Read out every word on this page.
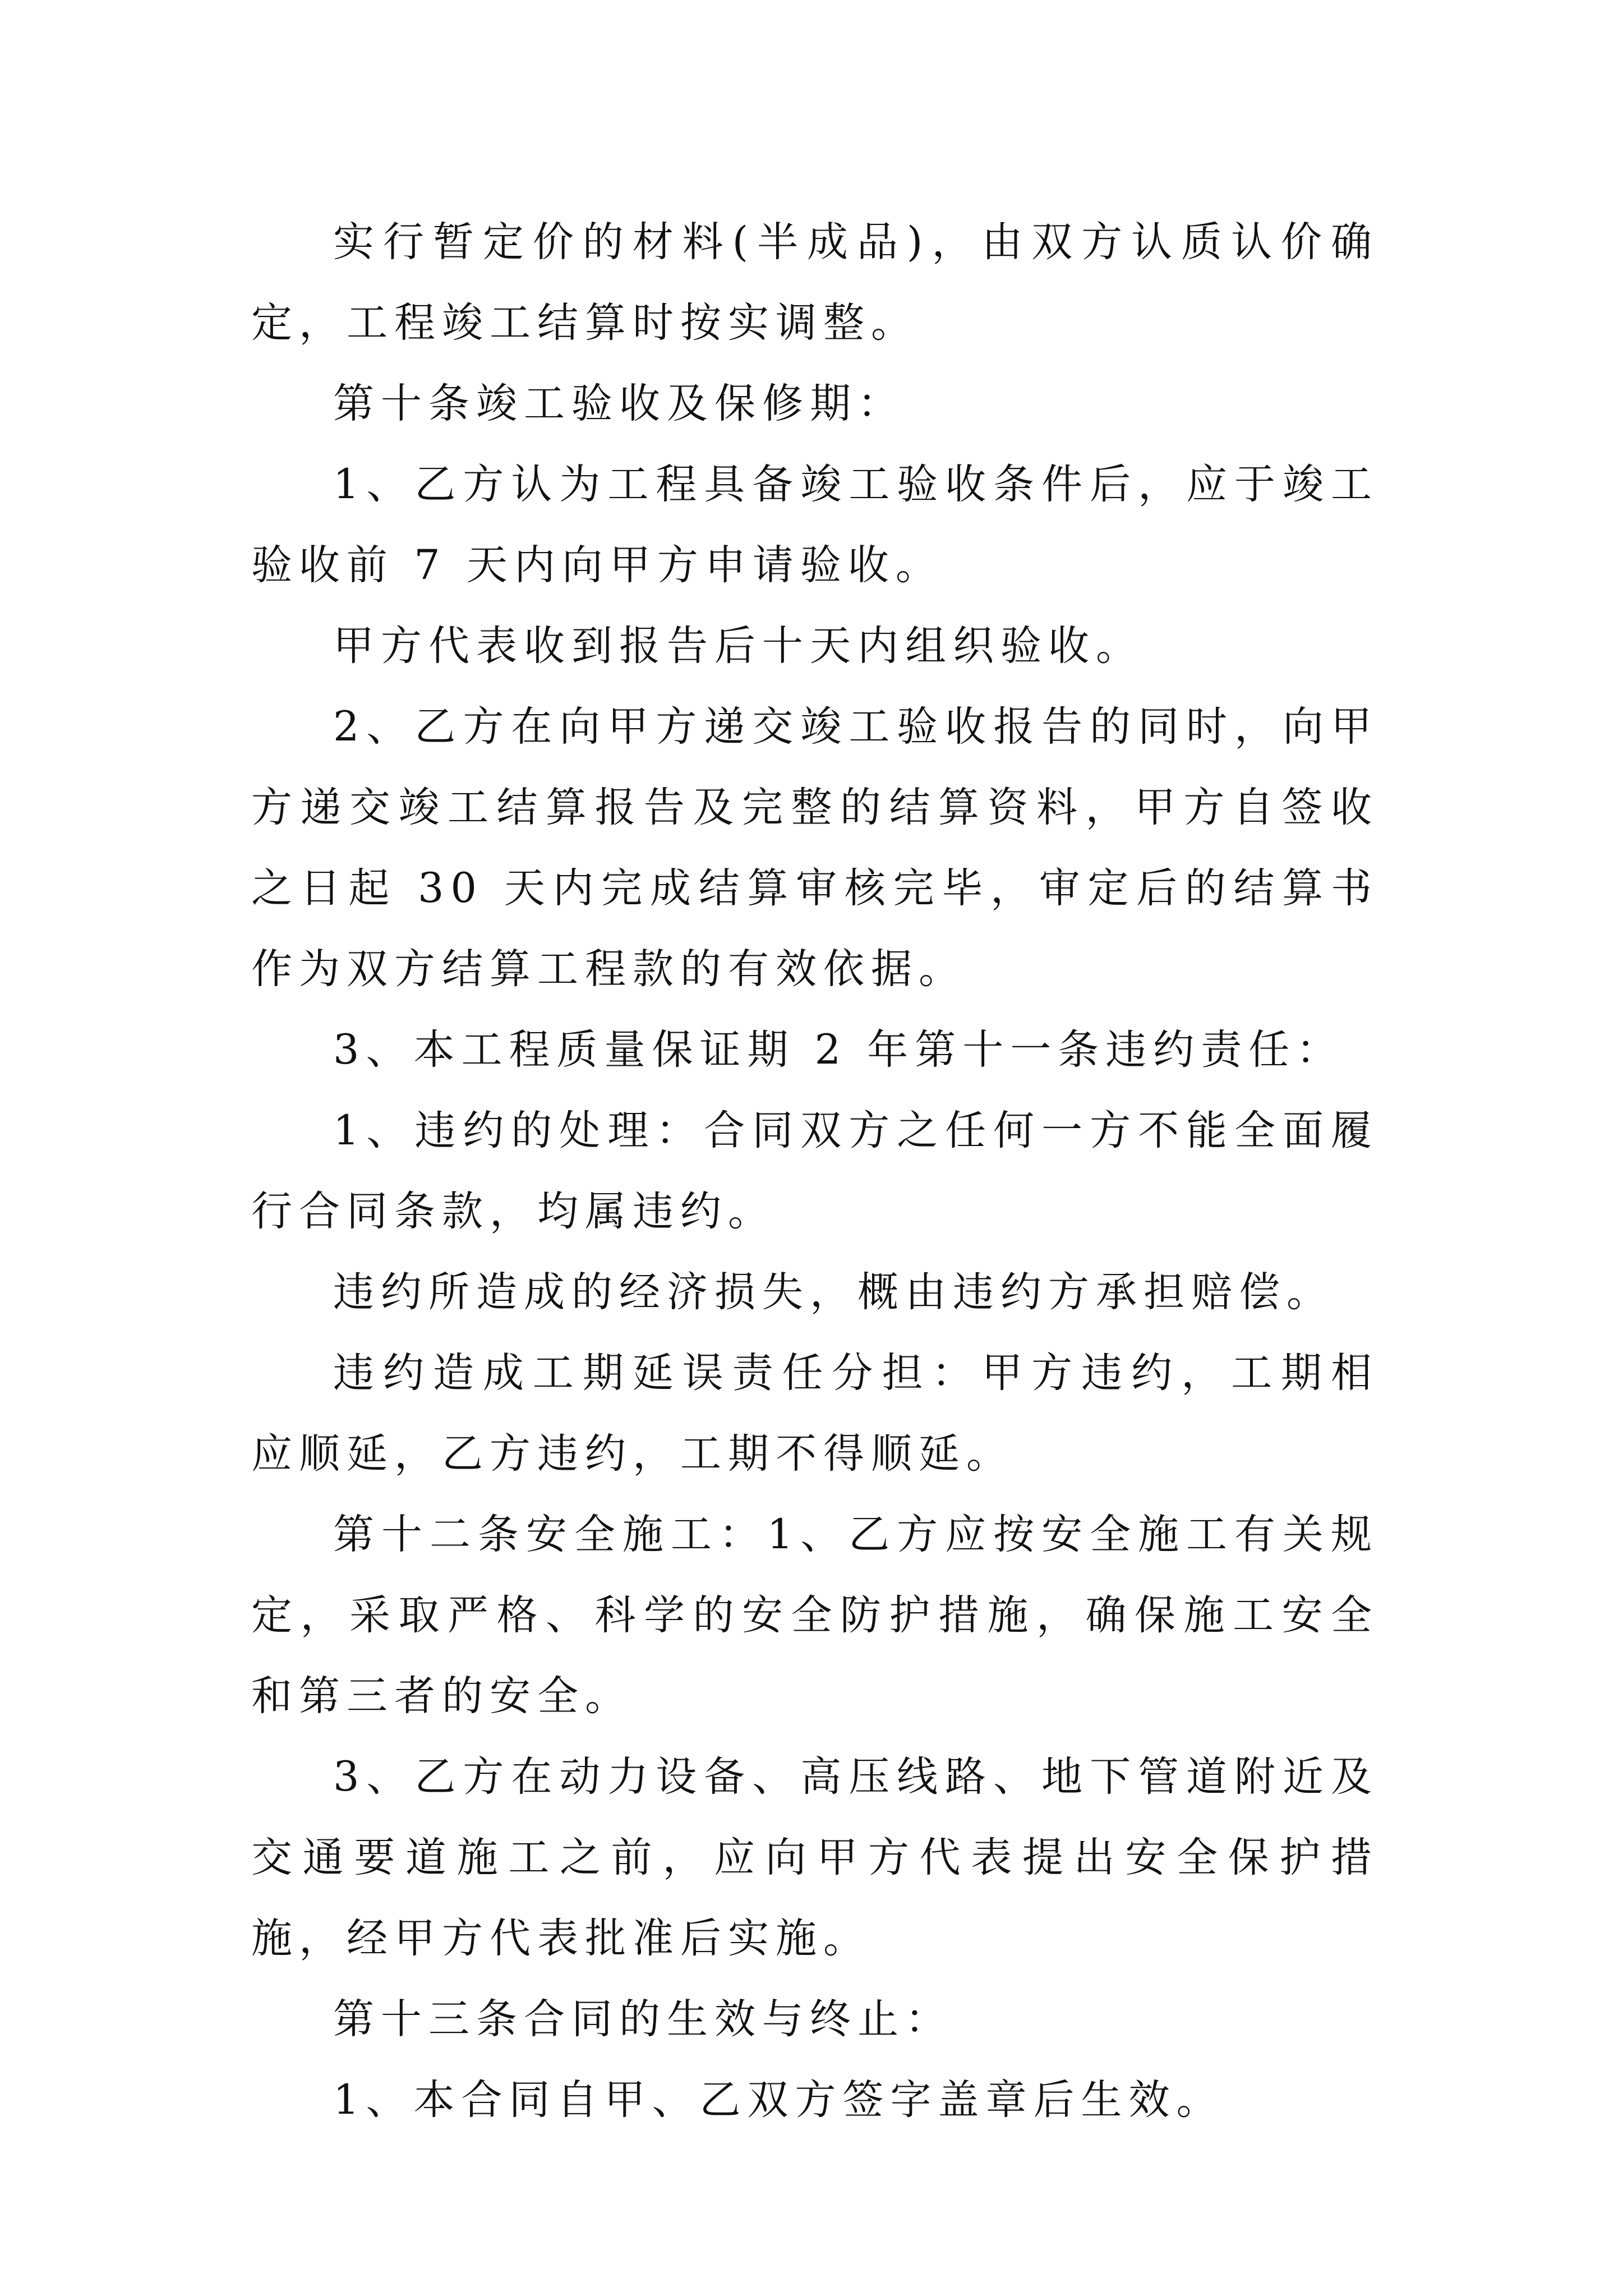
实行暂定价的材料(半成品)，由双方认质认价确定，工程竣工结算时按实调整。

第十条竣工验收及保修期：

1、乙方认为工程具备竣工验收条件后，应于竣工验收前 7 天内向甲方申请验收。

甲方代表收到报告后十天内组织验收。

2、乙方在向甲方递交竣工验收报告的同时，向甲方递交竣工结算报告及完整的结算资料，甲方自签收之日起 30 天内完成结算审核完毕，审定后的结算书作为双方结算工程款的有效依据。

3、本工程质量保证期 2 年第十一条违约责任：

1、违约的处理：合同双方之任何一方不能全面履行合同条款，均属违约。

违约所造成的经济损失，概由违约方承担赔偿。

违约造成工期延误责任分担：甲方违约，工期相应顺延，乙方违约，工期不得顺延。

第十二条安全施工：1、乙方应按安全施工有关规定，采取严格、科学的安全防护措施，确保施工安全和第三者的安全。

3、乙方在动力设备、高压线路、地下管道附近及交通要道施工之前，应向甲方代表提出安全保护措施，经甲方代表批准后实施。

第十三条合同的生效与终止：

1、本合同自甲、乙双方签字盖章后生效。
